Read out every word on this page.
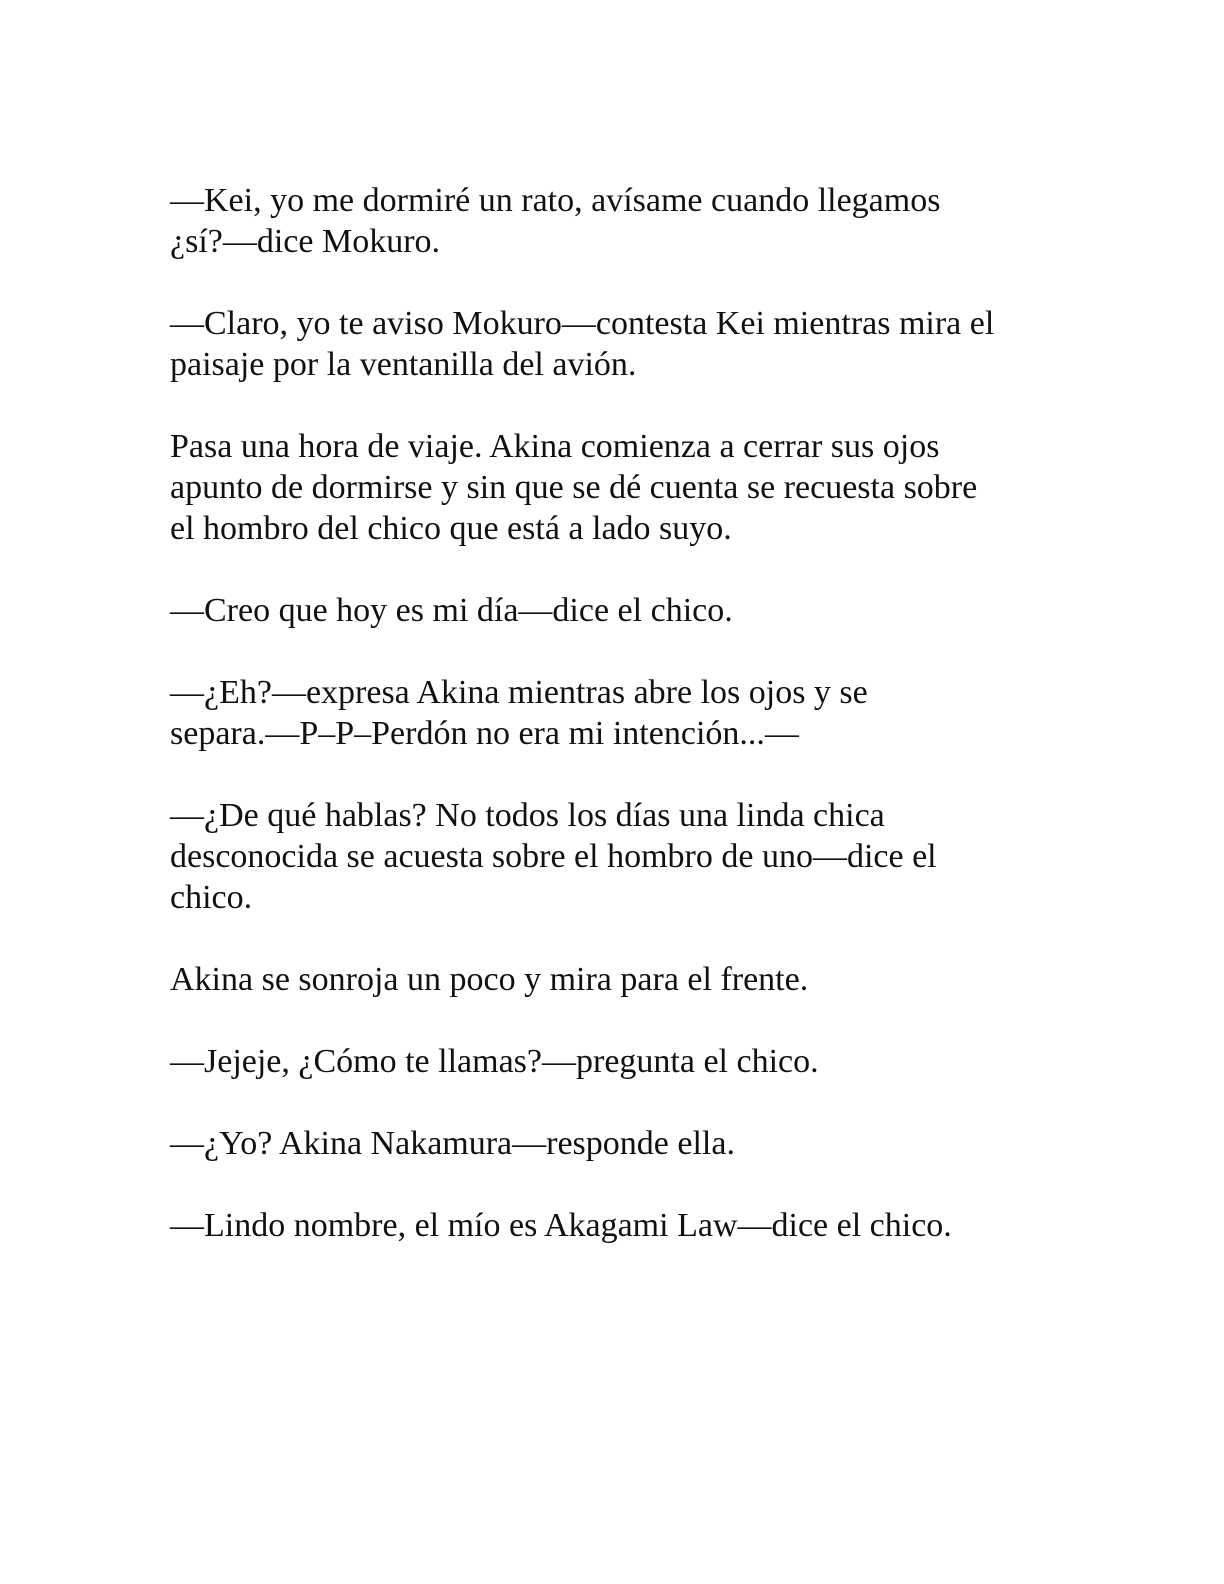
—Kei, yo me dormiré un rato, avísame cuando llegamos
¿sí?—dice Mokuro.

—Claro, yo te aviso Mokuro—contesta Kei mientras mira el
paisaje por la ventanilla del avión.

Pasa una hora de viaje. Akina comienza a cerrar sus ojos
apunto de dormirse y sin que se dé cuenta se recuesta sobre
el hombro del chico que está a lado suyo.

—Creo que hoy es mi día—dice el chico.

—¿Eh?—expresa Akina mientras abre los ojos y se
separa.—P–P–Perdón no era mi intención...—

—¿De qué hablas? No todos los días una linda chica
desconocida se acuesta sobre el hombro de uno—dice el
chico.

Akina se sonroja un poco y mira para el frente.

—Jejeje, ¿Cómo te llamas?—pregunta el chico.

—¿Yo? Akina Nakamura—responde ella.

—Lindo nombre, el mío es Akagami Law—dice el chico.
